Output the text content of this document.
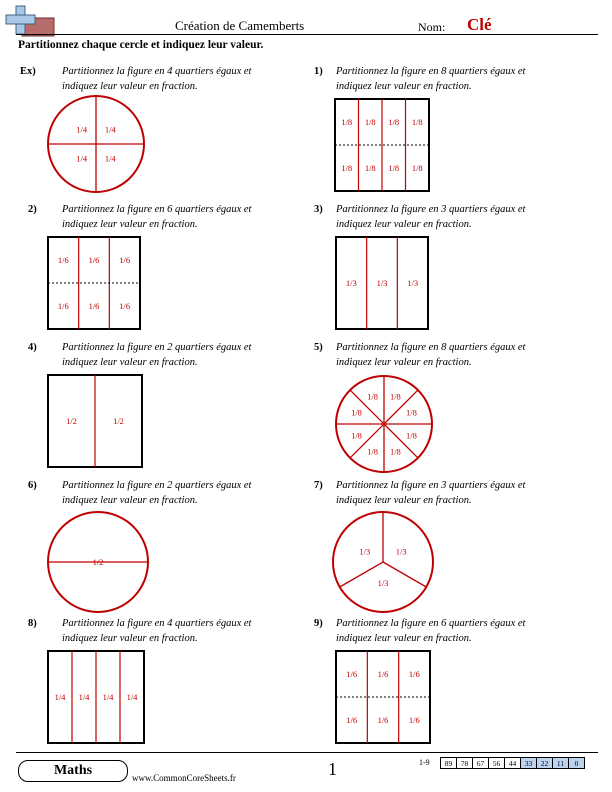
Création de Camemberts	Nom: Clé
Partitionnez chaque cercle et indiquez leur valeur.
Ex)	Partitionnez la figure en 4 quartiers égaux et
indiquez leur valeur en fraction.
1) Partitionnez la figure en 8 quartiers égaux et
indiquez leur valeur en fraction.
2) Partitionnez la figure en 6 quartiers égaux et
indiquez leur valeur en fraction.
3) Partitionnez la figure en 3 quartiers égaux et
indiquez leur valeur en fraction.
4) Partitionnez la figure en 2 quartiers égaux et
indiquez leur valeur en fraction.
5) Partitionnez la figure en 8 quartiers égaux et
indiquez leur valeur en fraction.
6) Partitionnez la figure en 2 quartiers égaux et
indiquez leur valeur en fraction.
7) Partitionnez la figure en 3 quartiers égaux et
indiquez leur valeur en fraction.
8) Partitionnez la figure en 4 quartiers égaux et
indiquez leur valeur en fraction.
9) Partitionnez la figure en 6 quartiers égaux et
indiquez leur valeur en fraction.
1/4
1/4
1/4 1/4
1/8 1/8 1/8 1/8
1/8 1/8 1/8 1/8
1/6 1/6 1/6
1/6 1/6 1/6
1/3 1/3 1/3
1/2	1/2
1/8
1/8
1/8
1/8
1/8
1/8 1/8
1/8
1/2
1/3
1/3
1/3
1/4 1/4 1/4 1/4
1/6 1/6 1/6
1/6 1/6 1/6
Maths	www.CommonCoreSheets.fr	1	1-9 89	78	67	56	44	33	22	11	0
